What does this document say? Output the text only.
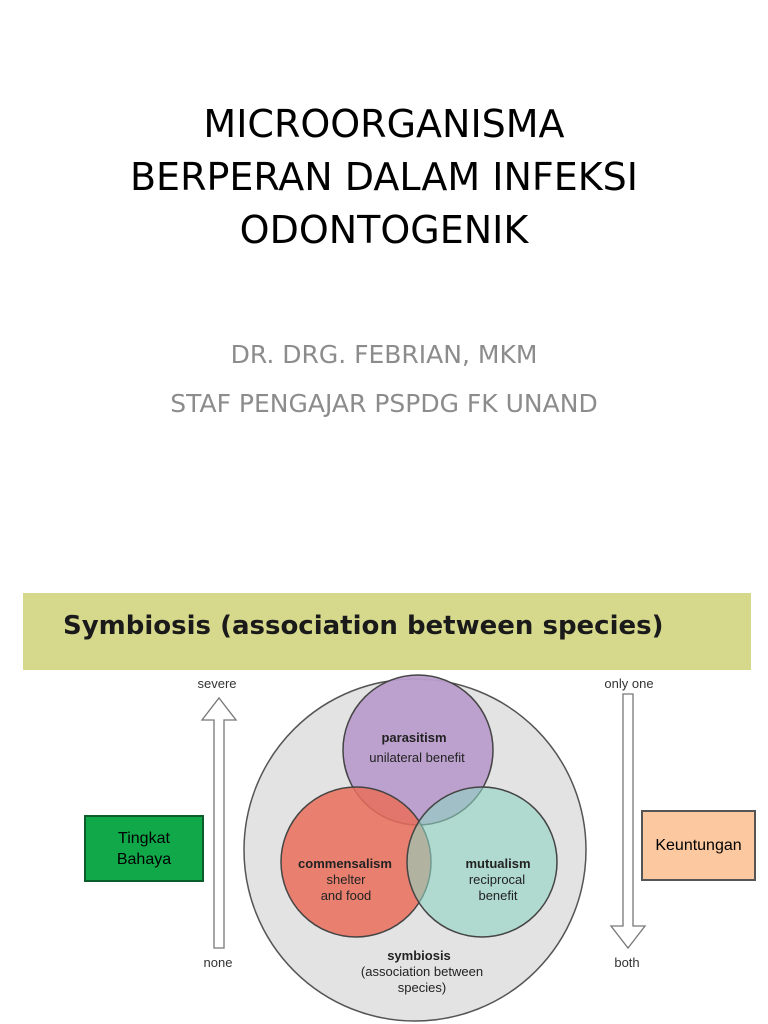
MICROORGANISMA
BERPERAN DALAM INFEKSI
ODONTOGENIK
DR. DRG. FEBRIAN, MKM
STAF PENGAJAR PSPDG FK UNAND
Symbiosis (association between species)
severe
none
only one
both
parasitism
unilateral benefit
commensalism
shelter
and food
mutualism
reciprocal
benefit
symbiosis
(association between
species)
Tingkat
Bahaya
Keuntungan
